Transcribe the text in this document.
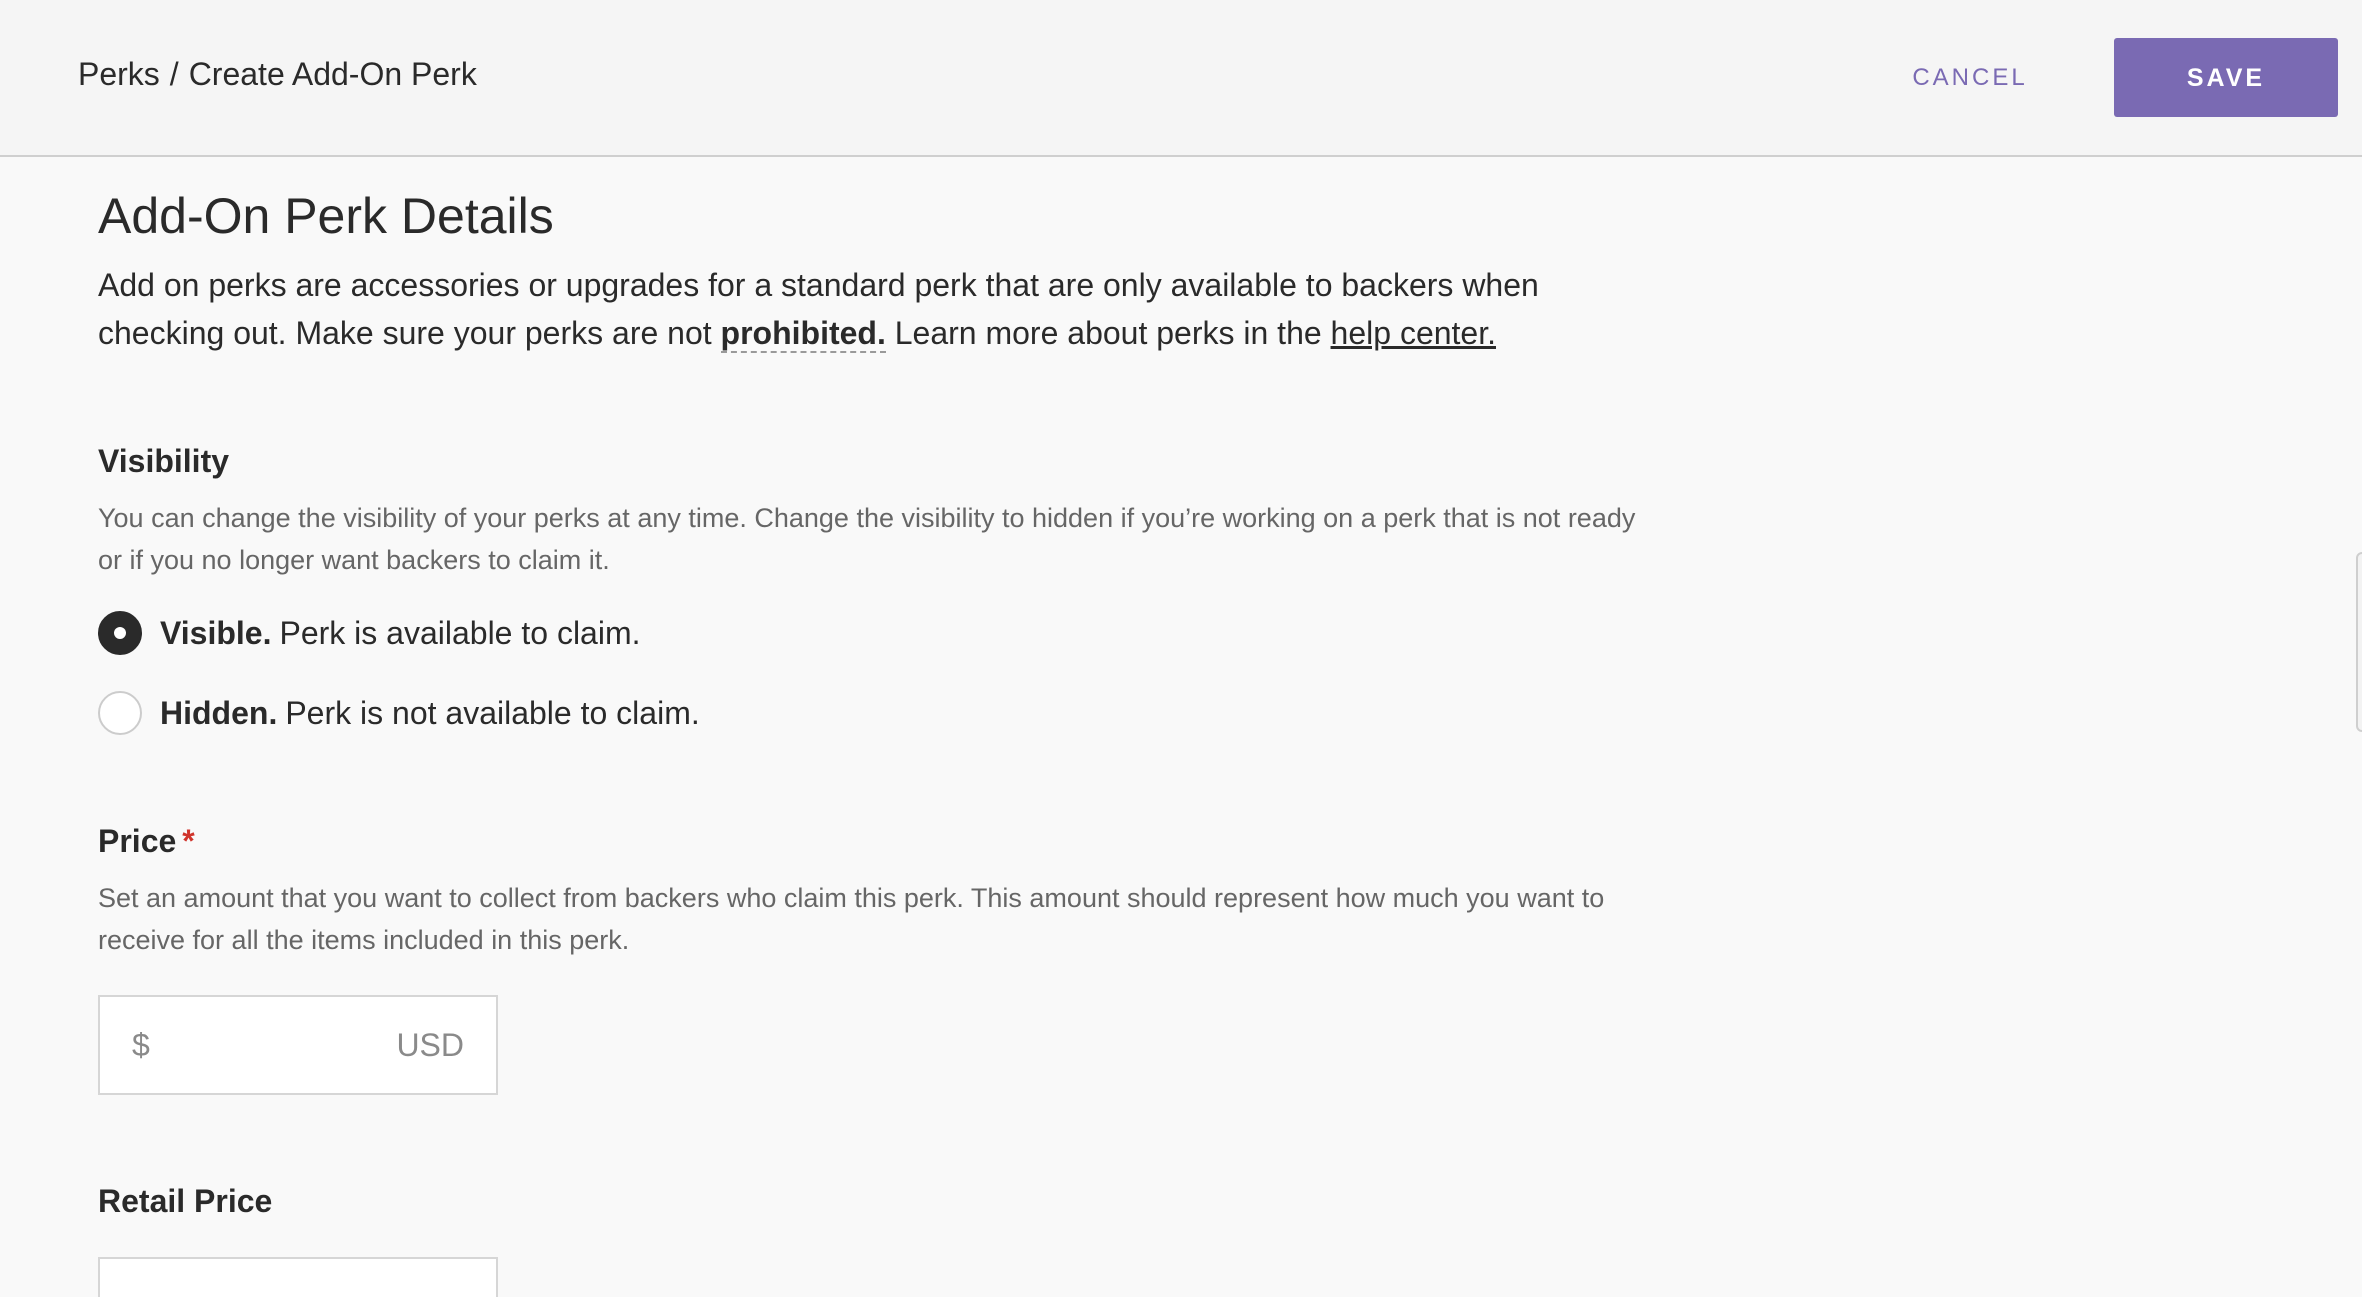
Perks / Create Add-On Perk	CANCEL	SAVE
Add-On Perk Details

Add on perks are accessories or upgrades for a standard perk that are only available to backers when checking out. Make sure your perks are not prohibited. Learn more about perks in the help center.

Visibility

You can change the visibility of your perks at any time. Change the visibility to hidden if you’re working on a perk that is not ready or if you no longer want backers to claim it.

Visible. Perk is available to claim.
Hidden. Perk is not available to claim.
Price *

Set an amount that you want to collect from backers who claim this perk. This amount should represent how much you want to receive for all the items included in this perk.

$	USD
Retail Price
